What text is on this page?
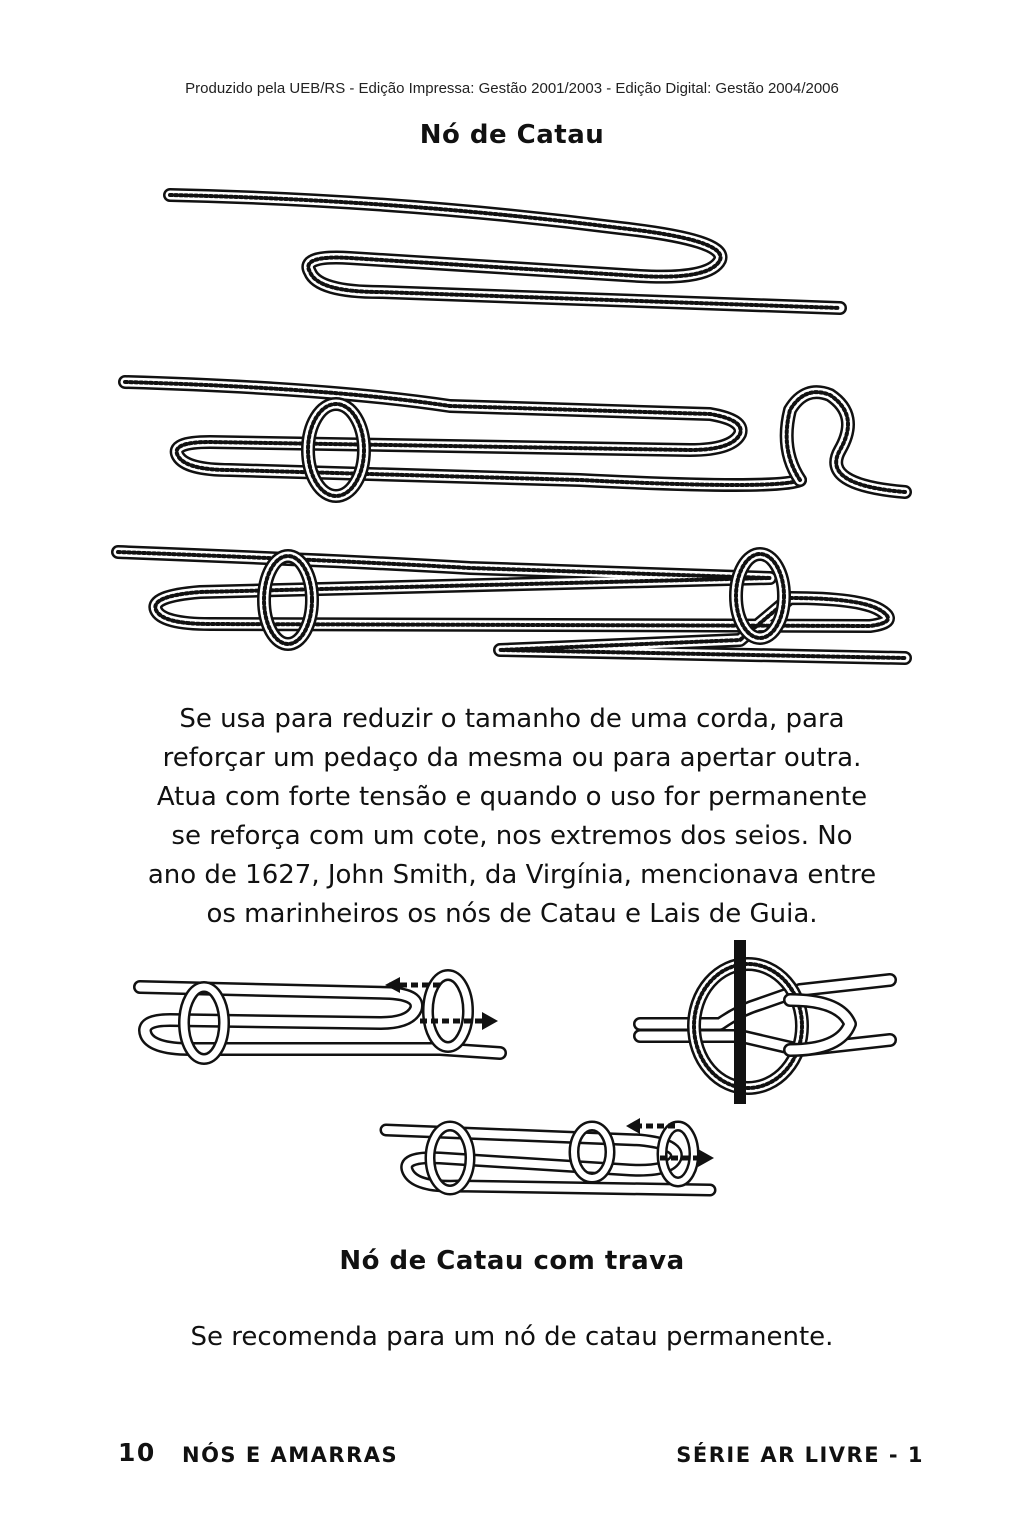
Produzido pela UEB/RS - Edição Impressa: Gestão 2001/2003 - Edição Digital: Gestão 2004/2006
Nó de Catau
Se usa para reduzir o tamanho de uma corda, para
reforçar um pedaço da mesma ou para apertar outra.
Atua com forte tensão e quando o uso for permanente
se reforça com um cote, nos extremos dos seios. No
ano de 1627, John Smith, da Virgínia, mencionava entre
os marinheiros os nós de Catau e Lais de Guia.
Nó de Catau com trava
Se recomenda para um nó de catau permanente.
10 NÓS E AMARRAS	SÉRIE AR LIVRE - 1
